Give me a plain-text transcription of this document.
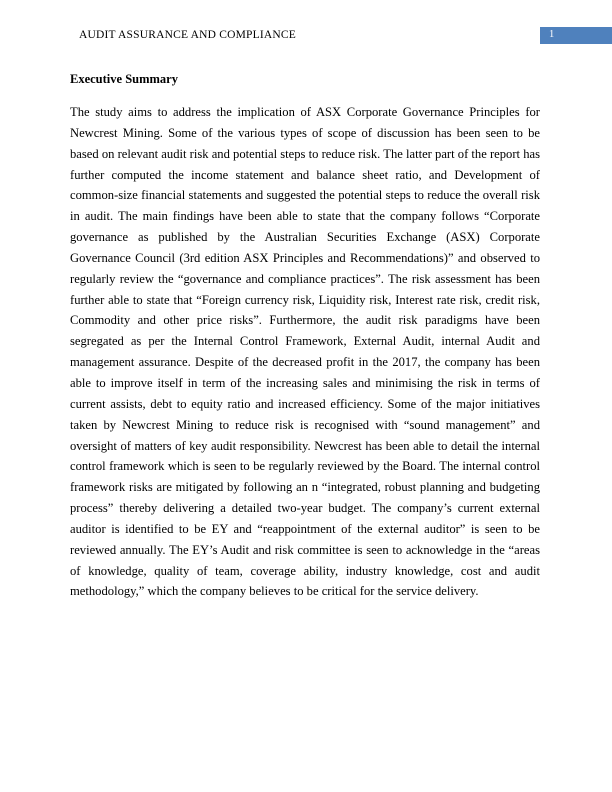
AUDIT ASSURANCE AND COMPLIANCE	1
Executive Summary

The study aims to address the implication of ASX Corporate Governance Principles for Newcrest Mining. Some of the various types of scope of discussion has been seen to be based on relevant audit risk and potential steps to reduce risk. The latter part of the report has further computed the income statement and balance sheet ratio, and Development of common-size financial statements and suggested the potential steps to reduce the overall risk in audit. The main findings have been able to state that the company follows “Corporate governance as published by the Australian Securities Exchange (ASX) Corporate Governance Council (3rd edition ASX Principles and Recommendations)” and observed to regularly review the “governance and compliance practices”. The risk assessment has been further able to state that “Foreign currency risk, Liquidity risk, Interest rate risk, credit risk, Commodity and other price risks”. Furthermore, the audit risk paradigms have been segregated as per the Internal Control Framework, External Audit, internal Audit and management assurance. Despite of the decreased profit in the 2017, the company has been able to improve itself in term of the increasing sales and minimising the risk in terms of current assists, debt to equity ratio and increased efficiency. Some of the major initiatives taken by Newcrest Mining to reduce risk is recognised with “sound management” and oversight of matters of key audit responsibility. Newcrest has been able to detail the internal control framework which is seen to be regularly reviewed by the Board. The internal control framework risks are mitigated by following an n “integrated, robust planning and budgeting process” thereby delivering a detailed two-year budget. The company’s current external auditor is identified to be EY and “reappointment of the external auditor” is seen to be reviewed annually. The EY’s Audit and risk committee is seen to acknowledge in the “areas of knowledge, quality of team, coverage ability, industry knowledge, cost and audit methodology,” which the company believes to be critical for the service delivery.
